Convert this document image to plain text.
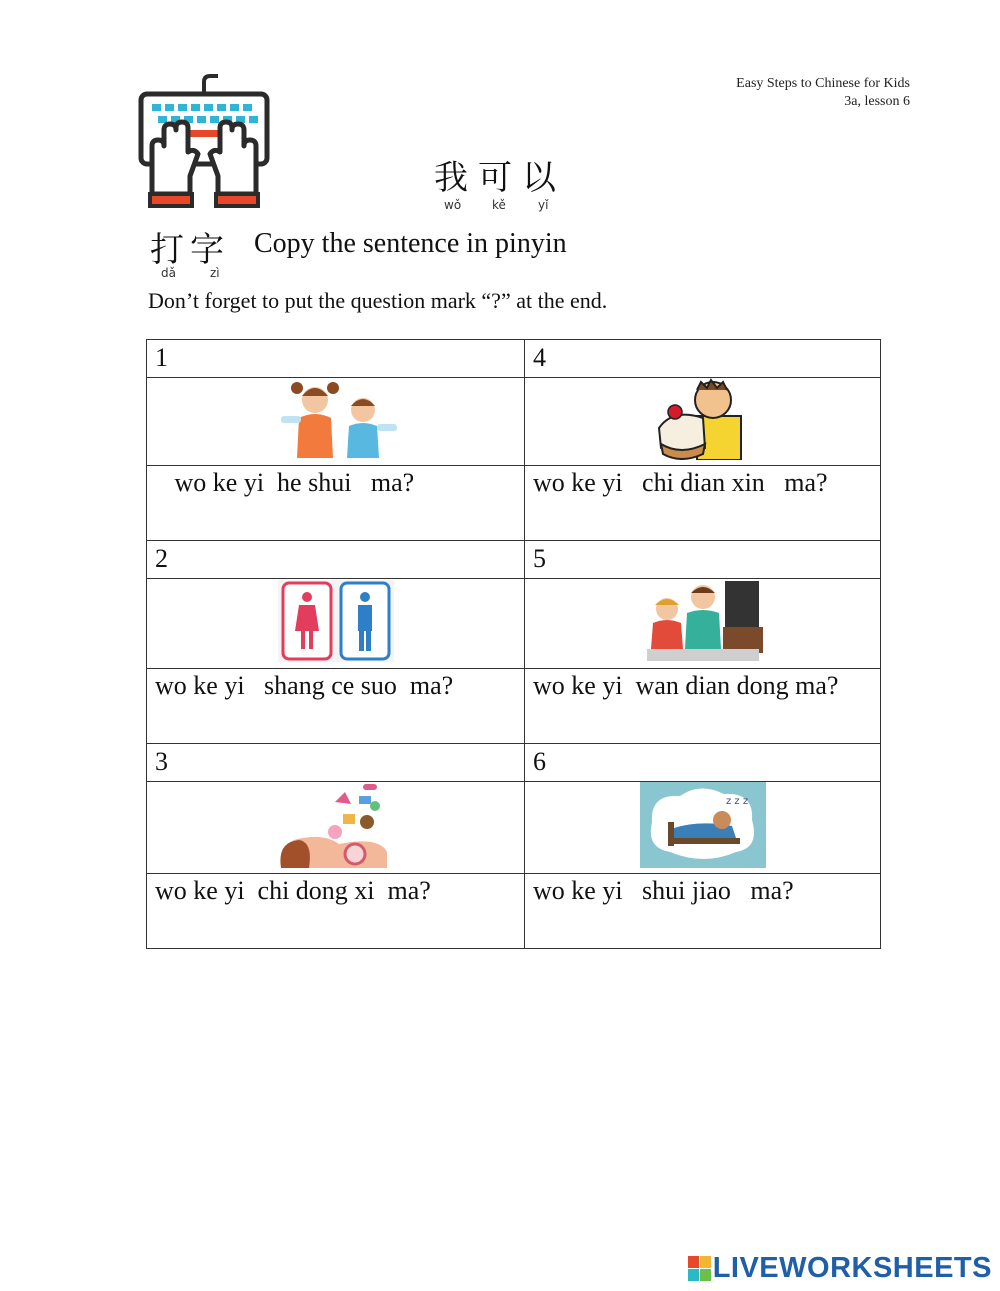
Easy Steps to Chinese for Kids
3a, lesson 6
我可以
wǒ	kě	yǐ
打字
dǎ	zì
Copy the sentence in pinyin
Don’t forget to put the question mark “?” at the end.
1	4

wo ke yi  he shui   ma?	wo ke yi   chi dian xin   ma?
2	5

wo ke yi   shang ce suo  ma?	wo ke yi  wan dian dong ma?
3	6

z z z

wo ke yi  chi dong xi  ma?	wo ke yi   shui jiao   ma?
LIVEWORKSHEETS
